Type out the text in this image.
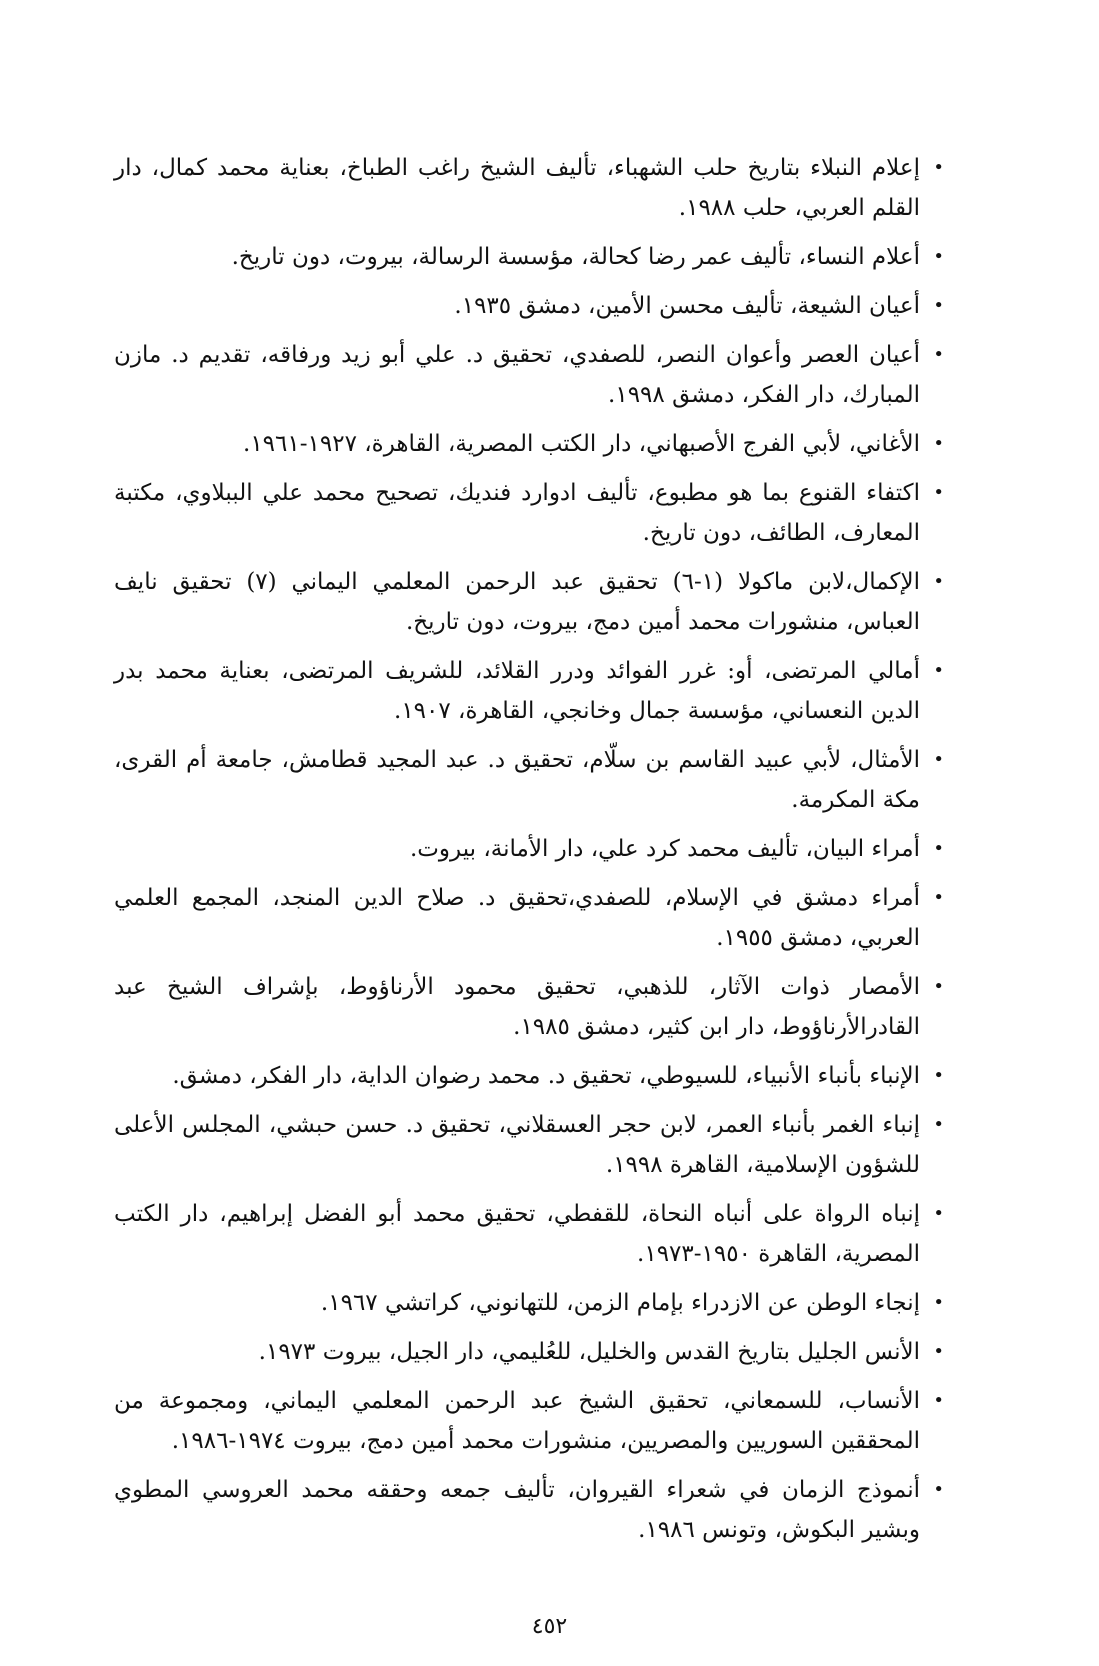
•
إعلام النبلاء بتاريخ حلب الشهباء، تأليف الشيخ راغب الطباخ، بعناية محمد كمال، دار القلم العربي، حلب ١٩٨٨.
•
أعلام النساء، تأليف عمر رضا كحالة، مؤسسة الرسالة، بيروت، دون تاريخ.
•
أعيان الشيعة، تأليف محسن الأمين، دمشق ١٩٣٥.
•
أعيان العصر وأعوان النصر، للصفدي، تحقيق د. علي أبو زيد ورفاقه، تقديم د. مازن المبارك، دار الفكر، دمشق ١٩٩٨.
•
الأغاني، لأبي الفرج الأصبهاني، دار الكتب المصرية، القاهرة، ١٩٢٧-١٩٦١.
•
اكتفاء القنوع بما هو مطبوع، تأليف ادوارد فنديك، تصحيح محمد علي الببلاوي، مكتبة المعارف، الطائف، دون تاريخ.
•
الإكمال،لابن ماكولا (١-٦) تحقيق عبد الرحمن المعلمي اليماني (٧) تحقيق نايف العباس، منشورات محمد أمين دمج، بيروت، دون تاريخ.
•
أمالي المرتضى، أو: غرر الفوائد ودرر القلائد، للشريف المرتضى، بعناية محمد بدر الدين النعساني، مؤسسة جمال وخانجي، القاهرة، ١٩٠٧.
•
الأمثال، لأبي عبيد القاسم بن سلّام، تحقيق د. عبد المجيد قطامش، جامعة أم القرى، مكة المكرمة.
•
أمراء البيان، تأليف محمد كرد علي، دار الأمانة، بيروت.
•
أمراء دمشق في الإسلام، للصفدي،تحقيق د. صلاح الدين المنجد، المجمع العلمي العربي، دمشق ١٩٥٥.
•
الأمصار ذوات الآثار، للذهبي، تحقيق محمود الأرناؤوط، بإشراف الشيخ عبد القادرالأرناؤوط، دار ابن كثير، دمشق ١٩٨٥.
•
الإنباء بأنباء الأنبياء، للسيوطي، تحقيق د. محمد رضوان الداية، دار الفكر، دمشق.
•
إنباء الغمر بأنباء العمر، لابن حجر العسقلاني، تحقيق د. حسن حبشي، المجلس الأعلى للشؤون الإسلامية، القاهرة ١٩٩٨.
•
إنباه الرواة على أنباه النحاة، للقفطي، تحقيق محمد أبو الفضل إبراهيم، دار الكتب المصرية، القاهرة ١٩٥٠-١٩٧٣.
•
إنجاء الوطن عن الازدراء بإمام الزمن، للتهانوني، كراتشي ١٩٦٧.
•
الأنس الجليل بتاريخ القدس والخليل، للعُليمي، دار الجيل، بيروت ١٩٧٣.
•
الأنساب، للسمعاني، تحقيق الشيخ عبد الرحمن المعلمي اليماني، ومجموعة من المحققين السوريين والمصريين، منشورات محمد أمين دمج، بيروت ١٩٧٤-١٩٨٦.
•
أنموذج الزمان في شعراء القيروان، تأليف جمعه وحققه محمد العروسي المطوي وبشير البكوش، وتونس ١٩٨٦.
٤٥٢
